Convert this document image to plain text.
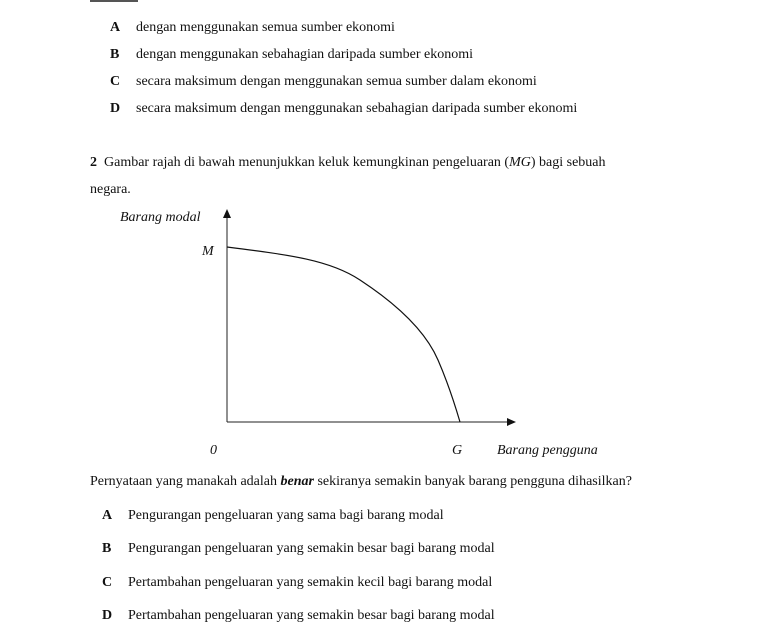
A dengan menggunakan semua sumber ekonomi
B dengan menggunakan sebahagian daripada sumber ekonomi
C secara maksimum dengan menggunakan semua sumber dalam ekonomi
D secara maksimum dengan menggunakan sebahagian daripada sumber ekonomi
2 Gambar rajah di bawah menunjukkan keluk kemungkinan pengeluaran (MG) bagi sebuah
negara.
Barang modal
M
0	G Barang pengguna
Pernyataan yang manakah adalah benar sekiranya semakin banyak barang pengguna dihasilkan?
A Pengurangan pengeluaran yang sama bagi barang modal
B Pengurangan pengeluaran yang semakin besar bagi barang modal
C Pertambahan pengeluaran yang semakin kecil bagi barang modal
D Pertambahan pengeluaran yang semakin besar bagi barang modal
